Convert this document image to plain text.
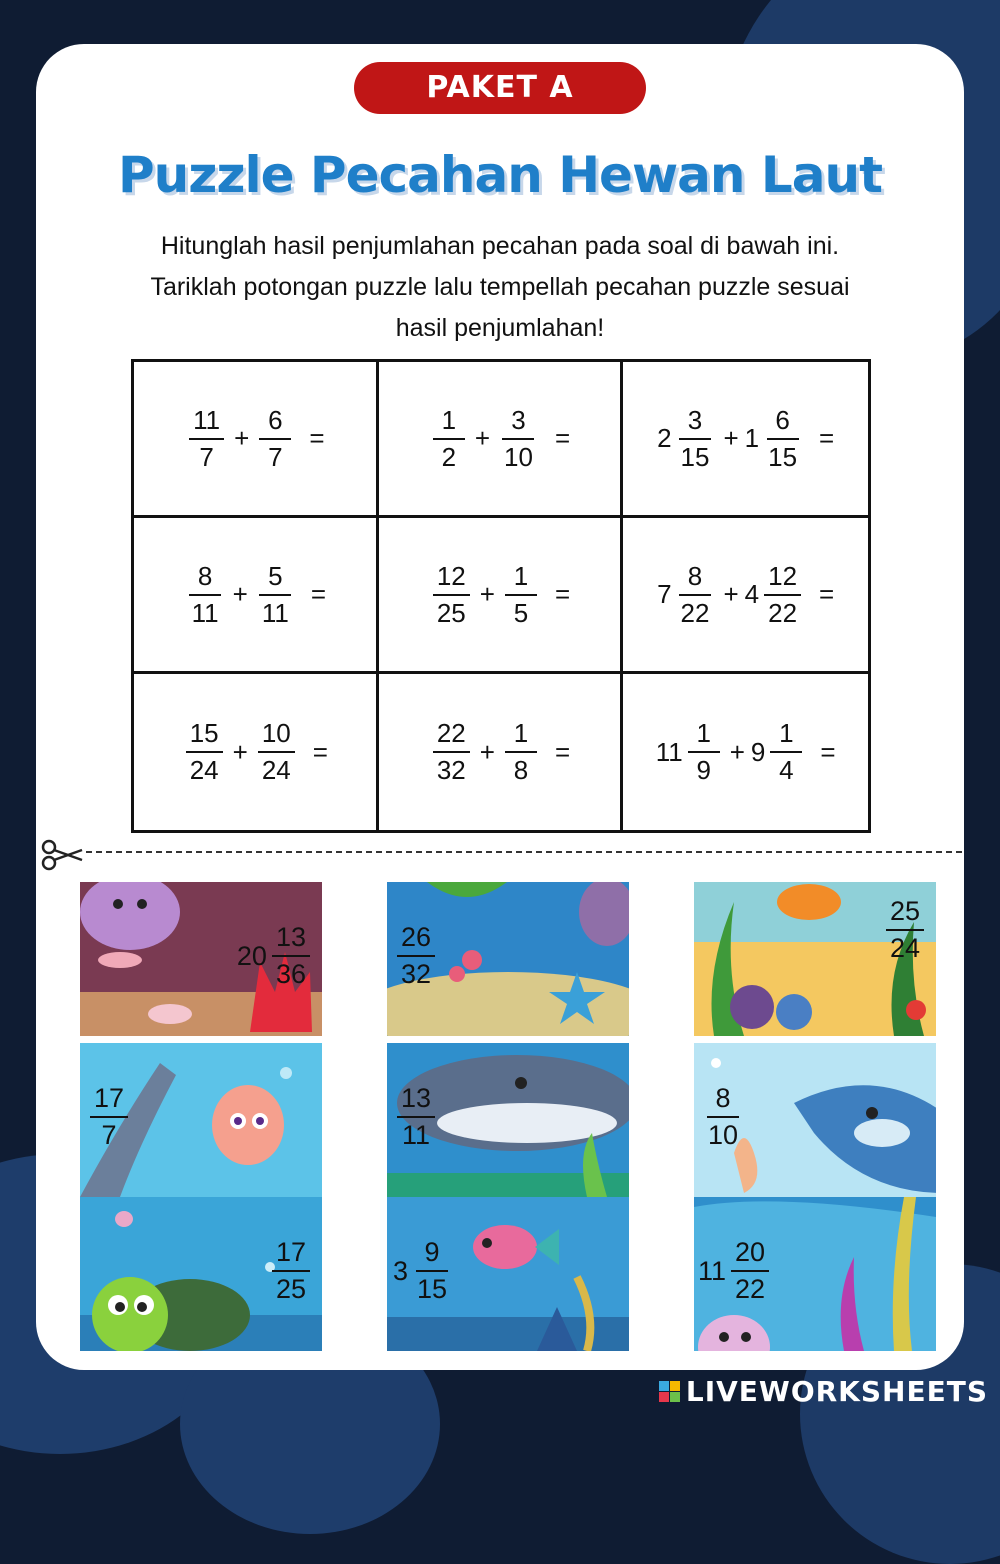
PAKET A
Puzzle Pecahan Hewan Laut
Hitunglah hasil penjumlahan pecahan pada soal di bawah ini. Tariklah potongan puzzle lalu tempellah pecahan puzzle sesuai hasil penjumlahan!
$\frac{11}{7} + \frac{6}{7}$ =	$\frac{1}{2} + \frac{3}{10}$ =	$2 \frac{3}{15} + 1 \frac{6}{15}$ =
$\frac{8}{11} + \frac{5}{11}$ =	$\frac{12}{25} + \frac{1}{5}$ =	$7 \frac{8}{22} + 4 \frac{12}{22}$ =
$\frac{15}{24} + \frac{10}{24}$ =	$\frac{22}{32} + \frac{1}{8}$ =	$11 \frac{1}{9} + 9 \frac{1}{4}$ =
$20 \frac{13}{36}$	$\frac{26}{32}$	$\frac{25}{24}$
$\frac{17}{7}$	$\frac{13}{11}$	$\frac{8}{10}$
$\frac{17}{25}$	$3 \frac{9}{15}$	$11 \frac{20}{22}$
LIVEWORKSHEETS
